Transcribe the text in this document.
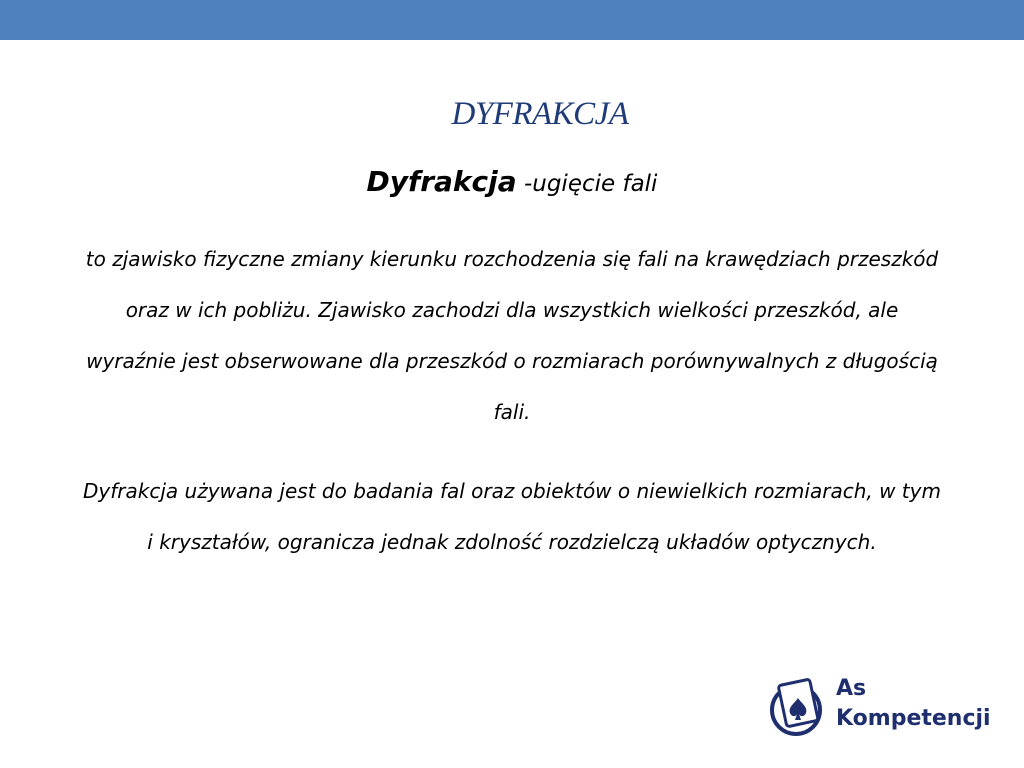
DYFRAKCJA
Dyfrakcja -ugięcie fali

to zjawisko fizyczne zmiany kierunku rozchodzenia się fali na krawędziach przeszkód oraz w ich pobliżu. Zjawisko zachodzi dla wszystkich wielkości przeszkód, ale wyraźnie jest obserwowane dla przeszkód o rozmiarach porównywalnych z długością fali.

Dyfrakcja używana jest do badania fal oraz obiektów o niewielkich rozmiarach, w tym i kryształów, ogranicza jednak zdolność rozdzielczą układów optycznych.

As
Kompetencji
